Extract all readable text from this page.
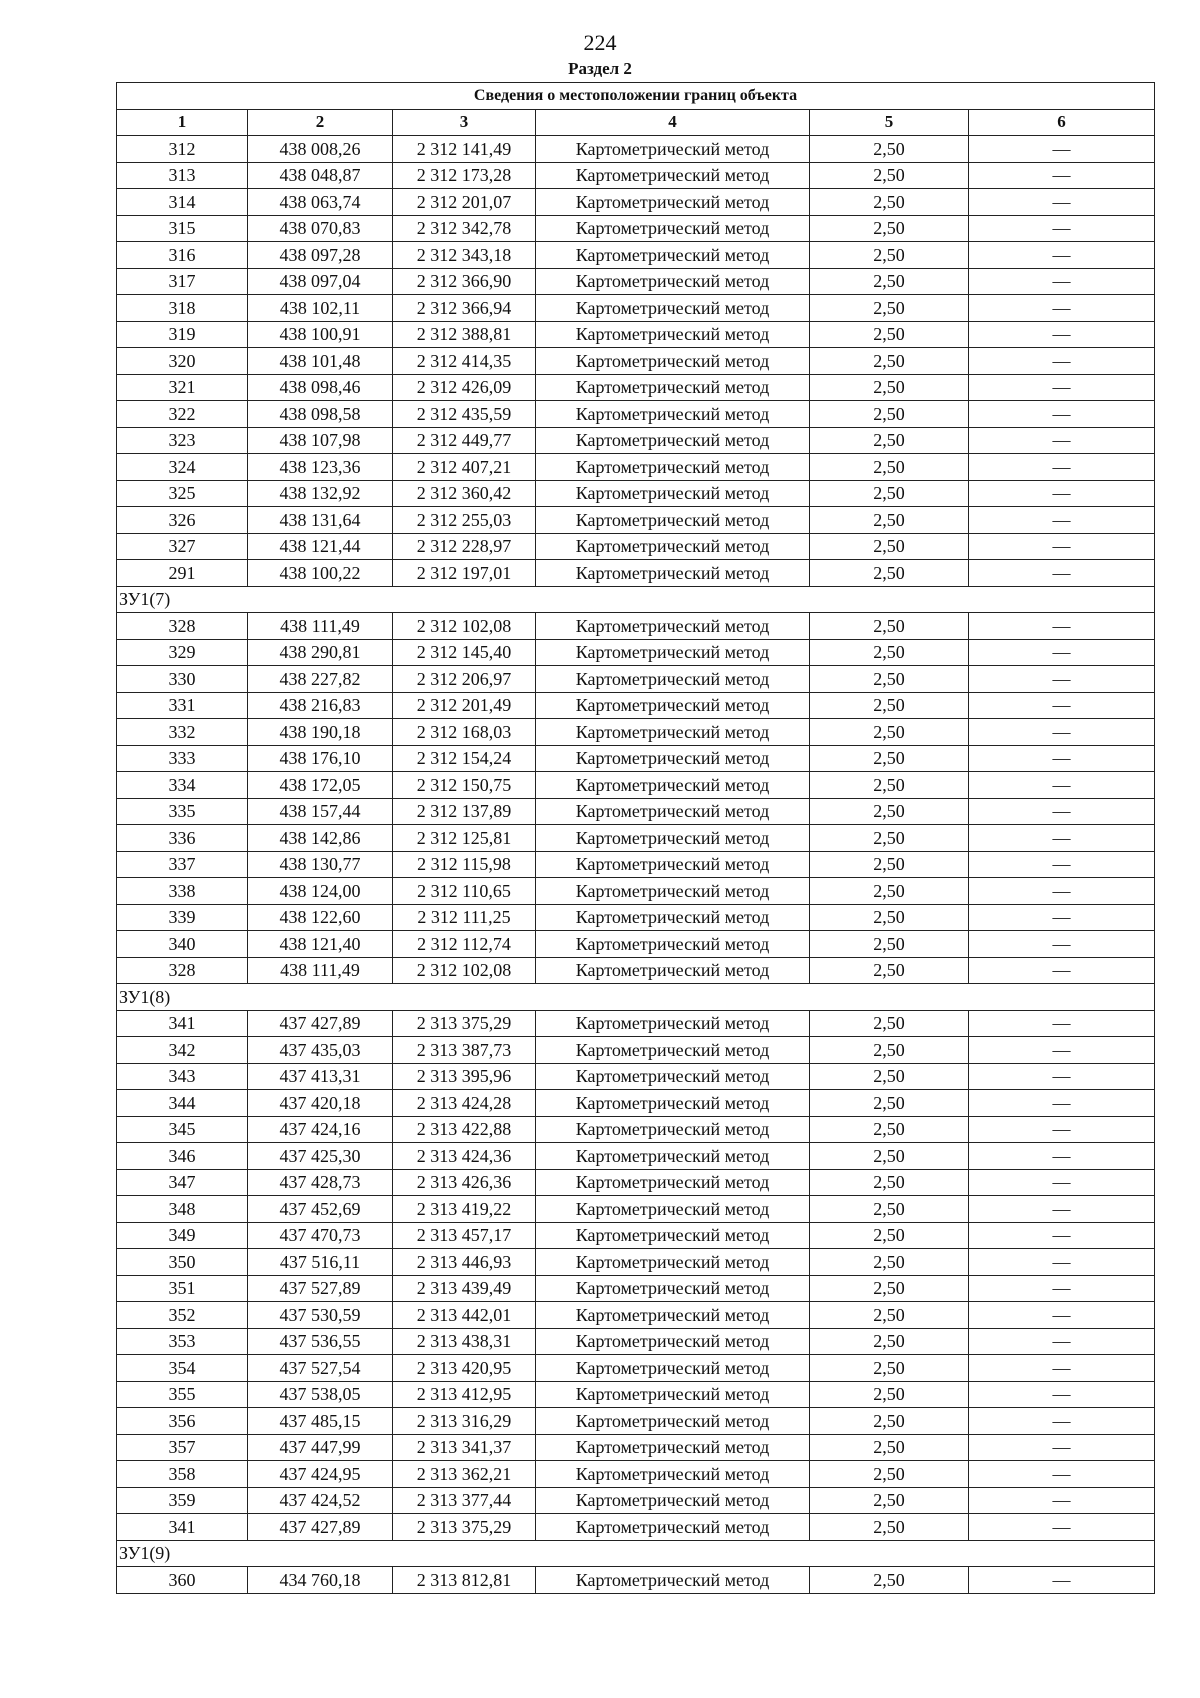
224
Раздел 2
Сведения о местоположении границ объекта					
1	2	3	4	5	6
312	438 008,26	2 312 141,49	Картометрический метод	2,50	—
313	438 048,87	2 312 173,28	Картометрический метод	2,50	—
314	438 063,74	2 312 201,07	Картометрический метод	2,50	—
315	438 070,83	2 312 342,78	Картометрический метод	2,50	—
316	438 097,28	2 312 343,18	Картометрический метод	2,50	—
317	438 097,04	2 312 366,90	Картометрический метод	2,50	—
318	438 102,11	2 312 366,94	Картометрический метод	2,50	—
319	438 100,91	2 312 388,81	Картометрический метод	2,50	—
320	438 101,48	2 312 414,35	Картометрический метод	2,50	—
321	438 098,46	2 312 426,09	Картометрический метод	2,50	—
322	438 098,58	2 312 435,59	Картометрический метод	2,50	—
323	438 107,98	2 312 449,77	Картометрический метод	2,50	—
324	438 123,36	2 312 407,21	Картометрический метод	2,50	—
325	438 132,92	2 312 360,42	Картометрический метод	2,50	—
326	438 131,64	2 312 255,03	Картометрический метод	2,50	—
327	438 121,44	2 312 228,97	Картометрический метод	2,50	—
291	438 100,22	2 312 197,01	Картометрический метод	2,50	—
ЗУ1(7)					
328	438 111,49	2 312 102,08	Картометрический метод	2,50	—
329	438 290,81	2 312 145,40	Картометрический метод	2,50	—
330	438 227,82	2 312 206,97	Картометрический метод	2,50	—
331	438 216,83	2 312 201,49	Картометрический метод	2,50	—
332	438 190,18	2 312 168,03	Картометрический метод	2,50	—
333	438 176,10	2 312 154,24	Картометрический метод	2,50	—
334	438 172,05	2 312 150,75	Картометрический метод	2,50	—
335	438 157,44	2 312 137,89	Картометрический метод	2,50	—
336	438 142,86	2 312 125,81	Картометрический метод	2,50	—
337	438 130,77	2 312 115,98	Картометрический метод	2,50	—
338	438 124,00	2 312 110,65	Картометрический метод	2,50	—
339	438 122,60	2 312 111,25	Картометрический метод	2,50	—
340	438 121,40	2 312 112,74	Картометрический метод	2,50	—
328	438 111,49	2 312 102,08	Картометрический метод	2,50	—
ЗУ1(8)					
341	437 427,89	2 313 375,29	Картометрический метод	2,50	—
342	437 435,03	2 313 387,73	Картометрический метод	2,50	—
343	437 413,31	2 313 395,96	Картометрический метод	2,50	—
344	437 420,18	2 313 424,28	Картометрический метод	2,50	—
345	437 424,16	2 313 422,88	Картометрический метод	2,50	—
346	437 425,30	2 313 424,36	Картометрический метод	2,50	—
347	437 428,73	2 313 426,36	Картометрический метод	2,50	—
348	437 452,69	2 313 419,22	Картометрический метод	2,50	—
349	437 470,73	2 313 457,17	Картометрический метод	2,50	—
350	437 516,11	2 313 446,93	Картометрический метод	2,50	—
351	437 527,89	2 313 439,49	Картометрический метод	2,50	—
352	437 530,59	2 313 442,01	Картометрический метод	2,50	—
353	437 536,55	2 313 438,31	Картометрический метод	2,50	—
354	437 527,54	2 313 420,95	Картометрический метод	2,50	—
355	437 538,05	2 313 412,95	Картометрический метод	2,50	—
356	437 485,15	2 313 316,29	Картометрический метод	2,50	—
357	437 447,99	2 313 341,37	Картометрический метод	2,50	—
358	437 424,95	2 313 362,21	Картометрический метод	2,50	—
359	437 424,52	2 313 377,44	Картометрический метод	2,50	—
341	437 427,89	2 313 375,29	Картометрический метод	2,50	—
ЗУ1(9)					
360	434 760,18	2 313 812,81	Картометрический метод	2,50	—
